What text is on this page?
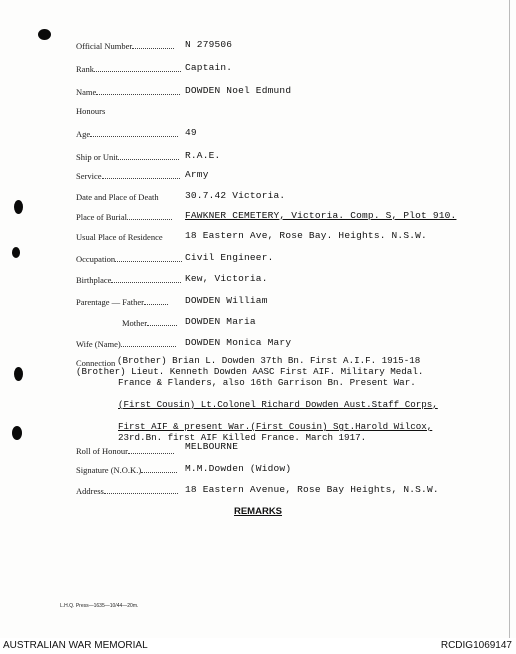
Official Number	N 279506
Rank	Captain.
Name	DOWDEN Noel Edmund
Honours
Age	49
Ship or Unit	R.A.E.
Service	Army
Date and Place of Death	30.7.42 Victoria.
Place of Burial	FAWKNER CEMETERY, Victoria. Comp. S, Plot 910.
Usual Place of Residence 18 Eastern Ave, Rose Bay. Heights. N.S.W.
Occupation	Civil Engineer.
Birthplace	Kew, Victoria.
Parentage — Father	DOWDEN William
Mother	DOWDEN Maria
Wife (Name)	DOWDEN Monica Mary
Connection (Brother) Brian L. Dowden 37th Bn. First A.I.F. 1915-18
(Brother) Lieut. Kenneth Dowden AASC First AIF. Military Medal.
France & Flanders, also 16th Garrison Bn. Present War.
(First Cousin) Lt.Colonel Richard Dowden Aust.Staff Corps,
First AIF & present War.(First Cousin) Sgt.Harold Wilcox,
23rd.Bn. first AIF Killed France. March 1917.
Roll of Honour	MELBOURNE
Signature (N.O.K.)	M.M.Dowden (Widow)
Address	18 Eastern Avenue, Rose Bay Heights, N.S.W.
REMARKS
L.H.Q. Press—1635—10/44—20m.
AUSTRALIAN WAR MEMORIAL	RCDIG1069147
